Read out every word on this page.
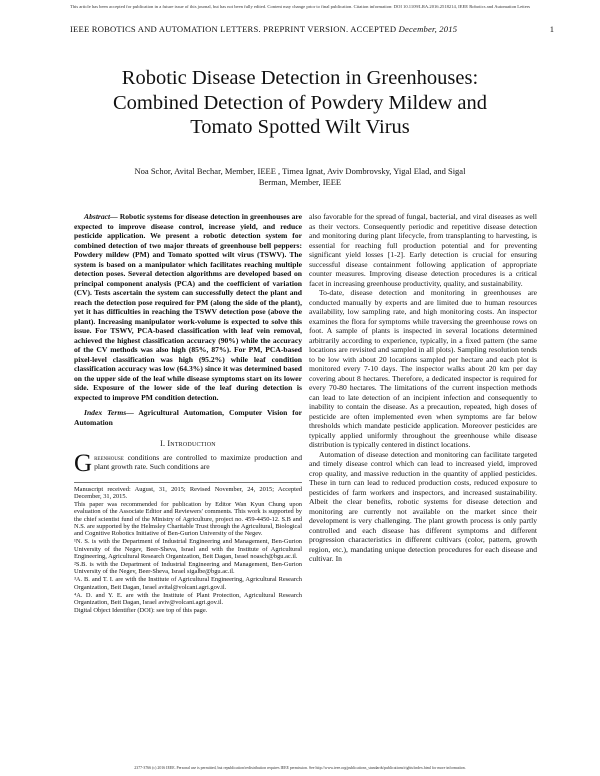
This article has been accepted for publication in a future issue of this journal, but has not been fully edited. Content may change prior to final publication. Citation information: DOI 10.1109/LRA.2016.2518214, IEEE Robotics and Automation Letters
IEEE ROBOTICS AND AUTOMATION LETTERS. PREPRINT VERSION. ACCEPTED December, 2015	1
Robotic Disease Detection in Greenhouses:
Combined Detection of Powdery Mildew and
Tomato Spotted Wilt Virus
Noa Schor, Avital Bechar, Member, IEEE , Timea Ignat, Aviv Dombrovsky, Yigal Elad, and Sigal
Berman, Member, IEEE

Abstract— Robotic systems for disease detection in greenhouses are expected to improve disease control, increase yield, and reduce pesticide application. We present a robotic detection system for combined detection of two major threats of greenhouse bell peppers: Powdery mildew (PM) and Tomato spotted wilt virus (TSWV). The system is based on a manipulator which facilitates reaching multiple detection poses. Several detection algorithms are developed based on principal component analysis (PCA) and the coefficient of variation (CV). Tests ascertain the system can successfully detect the plant and reach the detection pose required for PM (along the side of the plant), yet it has difficulties in reaching the TSWV detection pose (above the plant). Increasing manipulator work-volume is expected to solve this issue. For TSWV, PCA-based classification with leaf vein removal, achieved the highest classification accuracy (90%) while the accuracy of the CV methods was also high (85%, 87%). For PM, PCA-based pixel-level classification was high (95.2%) while leaf condition classification accuracy was low (64.3%) since it was determined based on the upper side of the leaf while disease symptoms start on its lower side. Exposure of the lower side of the leaf during detection is expected to improve PM condition detection.

Index Terms— Agricultural Automation, Computer Vision for Automation

I. Introduction

Greenhouse conditions are controlled to maximize production and plant growth rate. Such conditions are

Manuscript received: August, 31, 2015; Revised November, 24, 2015; Accepted December, 31, 2015.

This paper was recommended for publication by Editor Wan Kyun Chung upon evaluation of the Associate Editor and Reviewers' comments. This work is supported by the chief scientist fund of the Ministry of Agriculture, project no. 459-4450-12. S.B and N.S. are supported by the Helmsley Charitable Trust through the Agricultural, Biological and Cognitive Robotics Initiative of Ben-Gurion University of the Negev.

¹N. S. is with the Department of Industrial Engineering and Management, Ben-Gurion University of the Negev, Beer-Sheva, Israel and with the Institute of Agricultural Engineering, Agricultural Research Organization, Beit Dagan, Israel noasch@bgu.ac.il.

²S.B. is with the Department of Industrial Engineering and Management, Ben-Gurion University of the Negev, Beer-Sheva, Israel sigalbe@bgu.ac.il.

³A. B. and T. I. are with the Institute of Agricultural Engineering, Agricultural Research Organization, Beit Dagan, Israel avital@volcani.agri.gov.il.

⁴A. D. and Y. E. are with the Institute of Plant Protection, Agricultural Research Organization, Beit Dagan, Israel aviv@volcani.agri.gov.il.

Digital Object Identifier (DOI): see top of this page.

also favorable for the spread of fungal, bacterial, and viral diseases as well as their vectors. Consequently periodic and repetitive disease detection and monitoring during plant lifecycle, from transplanting to harvesting, is essential for reaching full production potential and for preventing significant yield losses [1-2]. Early detection is crucial for ensuring successful disease containment following application of appropriate counter measures. Improving disease detection procedures is a critical facet in increasing greenhouse productivity, quality, and sustainability.

To-date, disease detection and monitoring in greenhouses are conducted manually by experts and are limited due to human resources availability, low sampling rate, and high monitoring costs. An inspector examines the flora for symptoms while traversing the greenhouse rows on foot. A sample of plants is inspected in several locations determined arbitrarily according to experience, typically, in a fixed pattern (the same locations are revisited and sampled in all plots). Sampling resolution tends to be low with about 20 locations sampled per hectare and each plot is monitored every 7-10 days. The inspector walks about 20 km per day covering about 8 hectares. Therefore, a dedicated inspector is required for every 70-80 hectares. The limitations of the current inspection methods can lead to late detection of an incipient infection and consequently to inability to contain the disease. As a precaution, repeated, high doses of pesticide are often implemented even when symptoms are far below thresholds which mandate pesticide application. Moreover pesticides are typically applied uniformly throughout the greenhouse while disease distribution is typically centered in distinct locations.

Automation of disease detection and monitoring can facilitate targeted and timely disease control which can lead to increased yield, improved crop quality, and massive reduction in the quantity of applied pesticides. These in turn can lead to reduced production costs, reduced exposure to pesticides of farm workers and inspectors, and increased sustainability. Albeit the clear benefits, robotic systems for disease detection and monitoring are currently not available on the market since their development is very challenging. The plant growth process is only partly controlled and each disease has different symptoms and different progression characteristics in different cultivars (color, pattern, growth region, etc.), mandating unique detection procedures for each disease and cultivar. In

2377-3766 (c) 2016 IEEE. Personal use is permitted, but republication/redistribution requires IEEE permission. See http://www.ieee.org/publications_standards/publications/rights/index.html for more information.
